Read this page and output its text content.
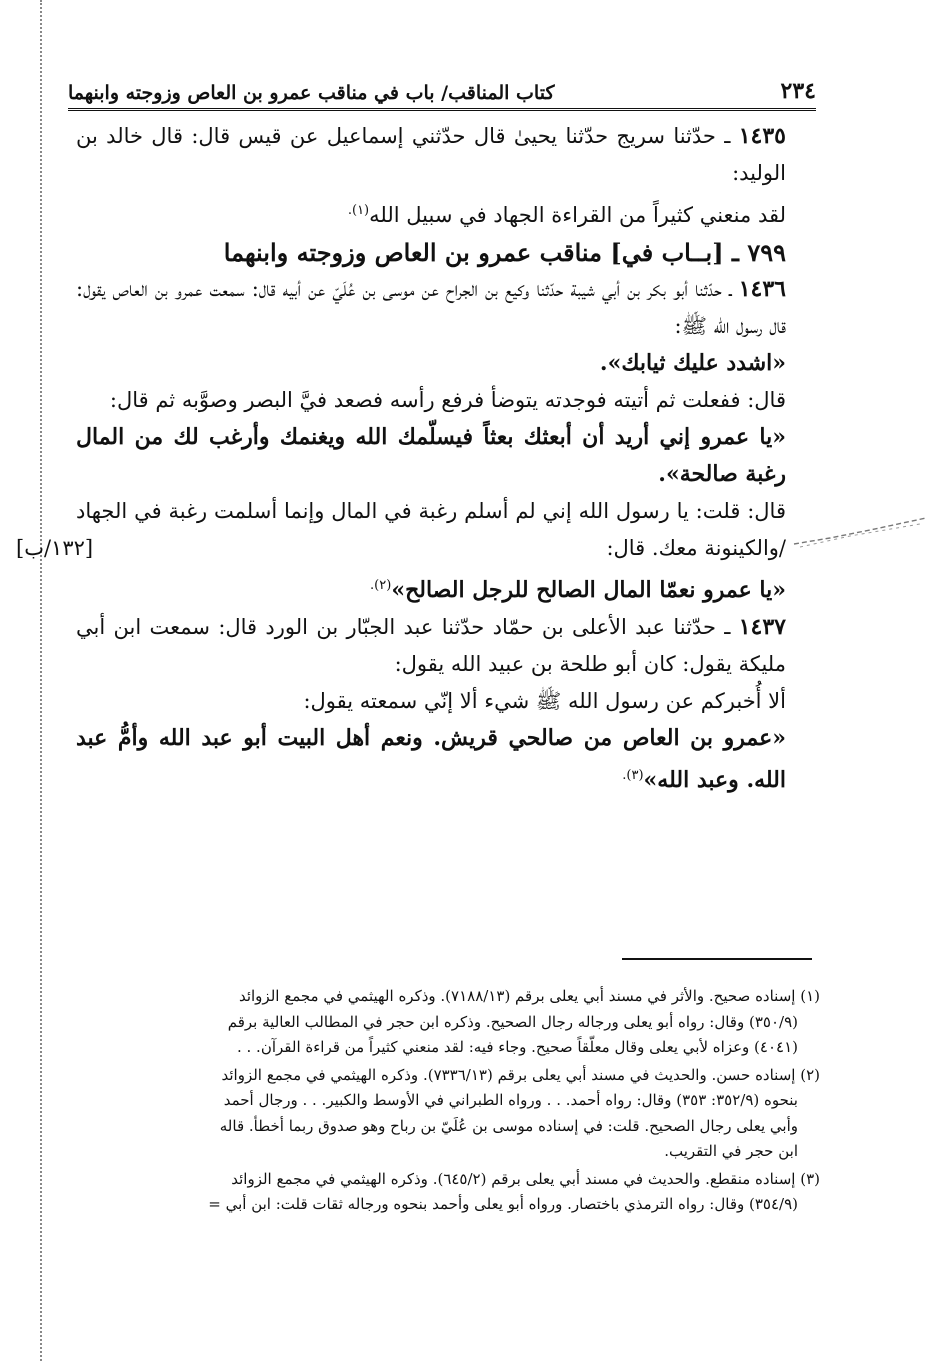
٢٣٤
كتاب المناقب/ باب في مناقب عمرو بن العاص وزوجته وابنهما

١٤٣٥ ـ حدّثنا سريج حدّثنا يحيىٰ قال حدّثني إسماعيل عن قيس قال: قال خالد بن الوليد:

لقد منعني كثيراً من القراءة الجهاد في سبيل الله$^{(١).}$

٧٩٩ ـ [بــاب في] مناقب عمرو بن العاص وزوجته وابنهما

١٤٣٦ ـ حدّثنا أبو بكر بن أبي شيبة حدّثنا وكيع بن الجراح عن موسى بن عُلَيّ عن أبيه قال: سمعت عمرو بن العاص يقول: قال رسول الله ﷺ:

«اشدد عليك ثيابك».

قال: ففعلت ثم أتيته فوجدته يتوضأ فرفع رأسه فصعد فيَّ البصر وصوَّبه ثم قال:

«يا عمرو إني أريد أن أبعثك بعثاً فيسلّمك الله ويغنمك وأرغب لك من المال رغبة صالحة».

قال: قلت: يا رسول الله إني لم أسلم رغبة في المال وإنما أسلمت رغبة في الجهاد /والكينونة معك. قال:
[١٣٢/ب]

«يا عمرو نعمّا المال الصالح للرجل الصالح»$^{(٢).}$

١٤٣٧ ـ حدّثنا عبد الأعلى بن حمّاد حدّثنا عبد الجبّار بن الورد قال: سمعت ابن أبي مليكة يقول: كان أبو طلحة بن عبيد الله يقول:

ألا أُخبركم عن رسول الله ﷺ شيء ألا إنّي سمعته يقول:

«عمرو بن العاص من صالحي قريش. ونعم أهل البيت أبو عبد الله وأمُّ عبد الله. وعبد الله»$^{(٣).}$

(١) إسناده صحيح. والأثر في مسند أبي يعلى برقم (٧١٨٨/١٣). وذكره الهيثمي في مجمع الزوائد
(٣٥٠/٩) وقال: رواه أبو يعلى ورجاله رجال الصحيح. وذكره ابن حجر في المطالب العالية برقم
(٤٠٤١) وعزاه لأبي يعلى وقال معلّقاً صحيح. وجاء فيه: لقد منعني كثيراً من قراءة القرآن. . .
(٢) إسناده حسن. والحديث في مسند أبي يعلى برقم (٧٣٣٦/١٣). وذكره الهيثمي في مجمع الزوائد
بنحوه (٣٥٢/٩: ٣٥٣) وقال: رواه أحمد. . . ورواه الطبراني في الأوسط والكبير. . . ورجال أحمد
وأبي يعلى رجال الصحيح. قلت: في إسناده موسى بن عُلَيّ بن رباح وهو صدوق ربما أخطأ. قاله
ابن حجر في التقريب.
(٣) إسناده منقطع. والحديث في مسند أبي يعلى برقم (٦٤٥/٢). وذكره الهيثمي في مجمع الزوائد
(٣٥٤/٩) وقال: رواه الترمذي باختصار. ورواه أبو يعلى وأحمد بنحوه ورجاله ثقات قلت: ابن أبي =
